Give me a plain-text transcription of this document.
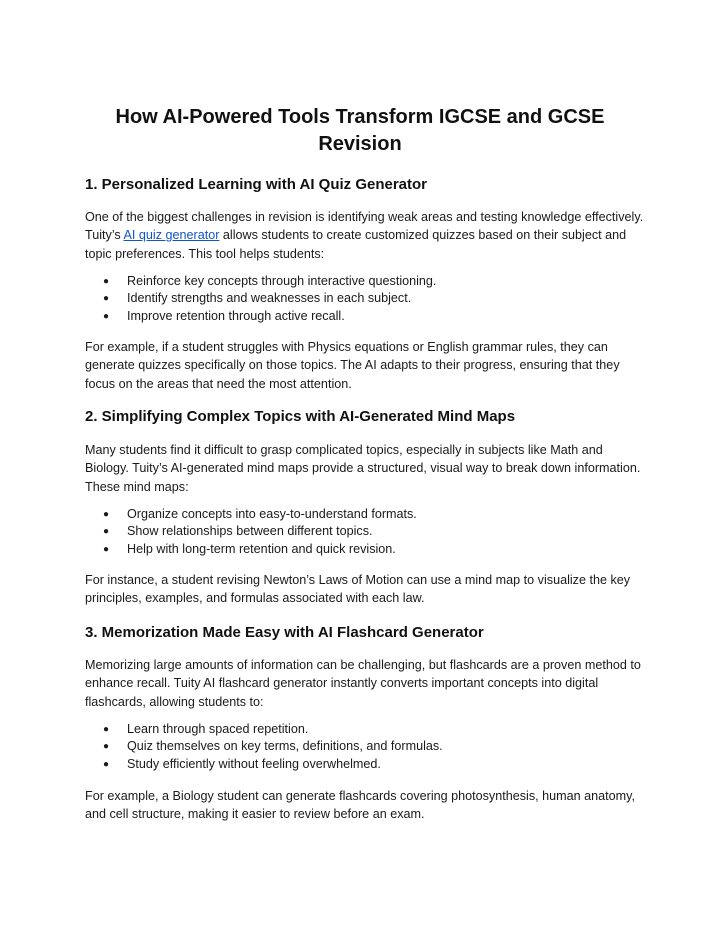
How AI-Powered Tools Transform IGCSE and GCSE Revision
1. Personalized Learning with AI Quiz Generator

One of the biggest challenges in revision is identifying weak areas and testing knowledge effectively. Tuity’s AI quiz generator allows students to create customized quizzes based on their subject and topic preferences. This tool helps students:

● Reinforce key concepts through interactive questioning.
● Identify strengths and weaknesses in each subject.
● Improve retention through active recall.

For example, if a student struggles with Physics equations or English grammar rules, they can generate quizzes specifically on those topics. The AI adapts to their progress, ensuring that they focus on the areas that need the most attention.

2. Simplifying Complex Topics with AI-Generated Mind Maps

Many students find it difficult to grasp complicated topics, especially in subjects like Math and Biology. Tuity’s AI-generated mind maps provide a structured, visual way to break down information. These mind maps:

● Organize concepts into easy-to-understand formats.
● Show relationships between different topics.
● Help with long-term retention and quick revision.

For instance, a student revising Newton’s Laws of Motion can use a mind map to visualize the key principles, examples, and formulas associated with each law.

3. Memorization Made Easy with AI Flashcard Generator

Memorizing large amounts of information can be challenging, but flashcards are a proven method to enhance recall. Tuity AI flashcard generator instantly converts important concepts into digital flashcards, allowing students to:

● Learn through spaced repetition.
● Quiz themselves on key terms, definitions, and formulas.
● Study efficiently without feeling overwhelmed.

For example, a Biology student can generate flashcards covering photosynthesis, human anatomy, and cell structure, making it easier to review before an exam.
